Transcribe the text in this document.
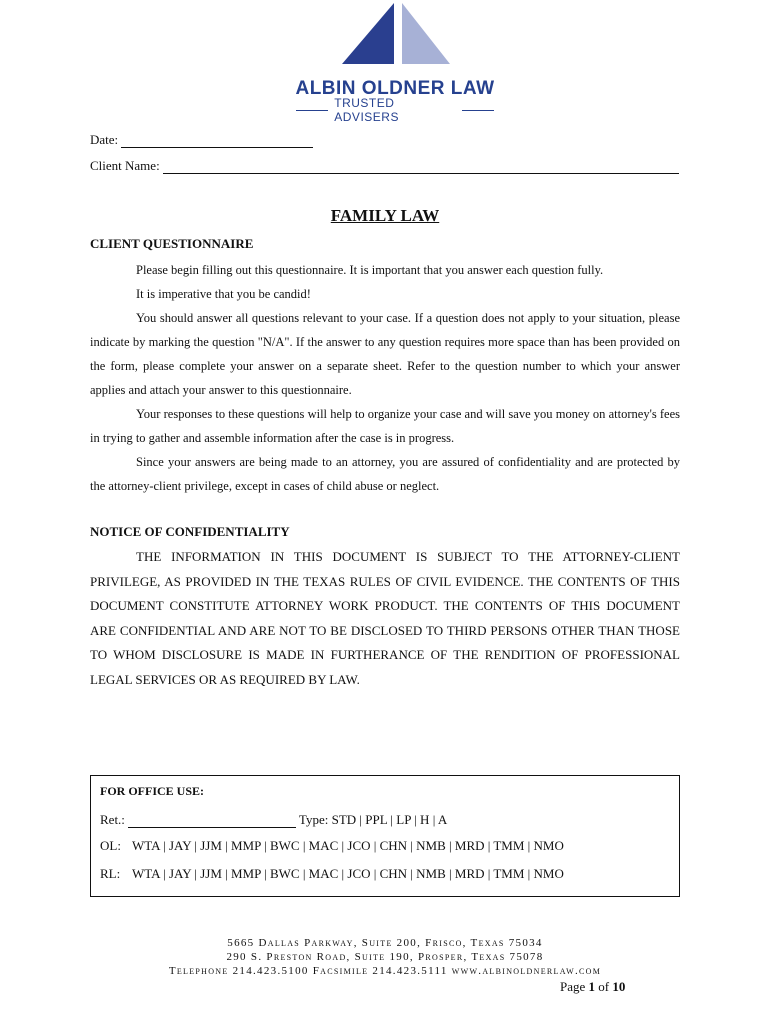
ALBIN OLDNER LAW
TRUSTED ADVISERS
Date:
Client Name:
FAMILY LAW
CLIENT QUESTIONNAIRE

Please begin filling out this questionnaire. It is important that you answer each question fully.

It is imperative that you be candid!

You should answer all questions relevant to your case. If a question does not apply to your situation, please indicate by marking the question "N/A". If the answer to any question requires more space than has been provided on the form, please complete your answer on a separate sheet. Refer to the question number to which your answer applies and attach your answer to this questionnaire.

Your responses to these questions will help to organize your case and will save you money on attorney's fees in trying to gather and assemble information after the case is in progress.

Since your answers are being made to an attorney, you are assured of confidentiality and are protected by the attorney-client privilege, except in cases of child abuse or neglect.

NOTICE OF CONFIDENTIALITY

THE INFORMATION IN THIS DOCUMENT IS SUBJECT TO THE ATTORNEY-CLIENT PRIVILEGE, AS PROVIDED IN THE TEXAS RULES OF CIVIL EVIDENCE. THE CONTENTS OF THIS DOCUMENT CONSTITUTE ATTORNEY WORK PRODUCT. THE CONTENTS OF THIS DOCUMENT ARE CONFIDENTIAL AND ARE NOT TO BE DISCLOSED TO THIRD PERSONS OTHER THAN THOSE TO WHOM DISCLOSURE IS MADE IN FURTHERANCE OF THE RENDITION OF PROFESSIONAL LEGAL SERVICES OR AS REQUIRED BY LAW.

FOR OFFICE USE:
Ret.:	Type: STD | PPL | LP | H | A
OL: WTA | JAY | JJM | MMP | BWC | MAC | JCO | CHN | NMB | MRD | TMM | NMO
RL: WTA | JAY | JJM | MMP | BWC | MAC | JCO | CHN | NMB | MRD | TMM | NMO
5665 Dallas Parkway, Suite 200, Frisco, Texas 75034
290 S. Preston Road, Suite 190, Prosper, Texas 75078
Telephone 214.423.5100 Facsimile 214.423.5111 www.albinoldnerlaw.com
Page 1 of 10
